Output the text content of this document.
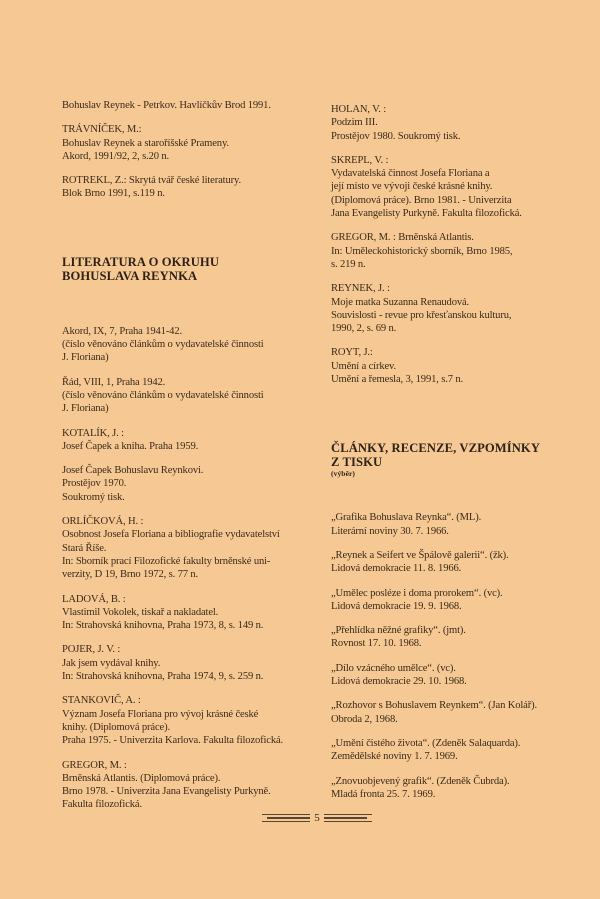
Bohuslav Reynek - Petrkov. Havlíčkův Brod 1991.
TRÁVNÍČEK, M.:
Bohuslav Reynek a staroříšské Prameny.
Akord, 1991/92, 2, s.20 n.
ROTREKL, Z.: Skrytá tvář české literatury.
Blok Brno 1991, s.119 n.
LITERATURA O OKRUHU
BOHUSLAVA REYNKA
Akord, IX, 7, Praha 1941-42.
(číslo věnováno článkům o vydavatelské činnosti
J. Floriana)
Řád, VIII, 1, Praha 1942.
(číslo věnováno článkům o vydavatelské činnosti
J. Floriana)
KOTALÍK, J. :
Josef Čapek a kniha. Praha 1959.
Josef Čapek Bohuslavu Reynkovi.
Prostějov 1970.
Soukromý tisk.
ORLÍČKOVÁ, H. :
Osobnost Josefa Floriana a bibliografie vydavatelství
Stará Říše.
In: Sborník prací Filozofické fakulty brněnské uni-
verzity, D 19, Brno 1972, s. 77 n.
LADOVÁ, B. :
Vlastimil Vokolek, tiskař a nakladatel.
In: Strahovská knihovna, Praha 1973, 8, s. 149 n.
POJER, J. V. :
Jak jsem vydával knihy.
In: Strahovská knihovna, Praha 1974, 9, s. 259 n.
STANKOVIČ, A. :
Význam Josefa Floriana pro vývoj krásné české
knihy. (Diplomová práce).
Praha 1975. - Univerzita Karlova. Fakulta filozofická.
GREGOR, M. :
Brněnská Atlantis. (Diplomová práce).
Brno 1978. - Univerzita Jana Evangelisty Purkyně.
Fakulta filozofická.
HOLAN, V. :
Podzim III.
Prostějov 1980. Soukromý tisk.
SKREPL, V. :
Vydavatelská činnost Josefa Floriana a
její místo ve vývoji české krásné knihy.
(Diplomová práce). Brno 1981. - Univerzita
Jana Evangelisty Purkyně. Fakulta filozofická.
GREGOR, M. : Brněnská Atlantis.
In: Uměleckohistorický sborník, Brno 1985,
s. 219 n.
REYNEK, J. :
Moje matka Suzanna Renaudová.
Souvislosti - revue pro křesťanskou kulturu,
1990, 2, s. 69 n.
ROYT, J.:
Umění a církev.
Umění a řemesla, 3, 1991, s.7 n.
ČLÁNKY, RECENZE, VZPOMÍNKY
Z TISKU
(výběr)
„Grafika Bohuslava Reynka“. (ML).
Literární noviny 30. 7. 1966.
„Reynek a Seifert ve Špálově galerii“. (žk).
Lidová demokracie 11. 8. 1966.
„Umělec posléze i doma prorokem“. (vc).
Lidová demokracie 19. 9. 1968.
„Přehlídka něžné grafiky“. (jmt).
Rovnost 17. 10. 1968.
„Dílo vzácného umělce“. (vc).
Lidová demokracie 29. 10. 1968.
„Rozhovor s Bohuslavem Reynkem“. (Jan Kolář).
Obroda 2, 1968.
„Umění čistého života“. (Zdeněk Salaquarda).
Zemědělské noviny 1. 7. 1969.
„Znovuobjevený grafik“. (Zdeněk Čubrda).
Mladá fronta 25. 7. 1969.
5
